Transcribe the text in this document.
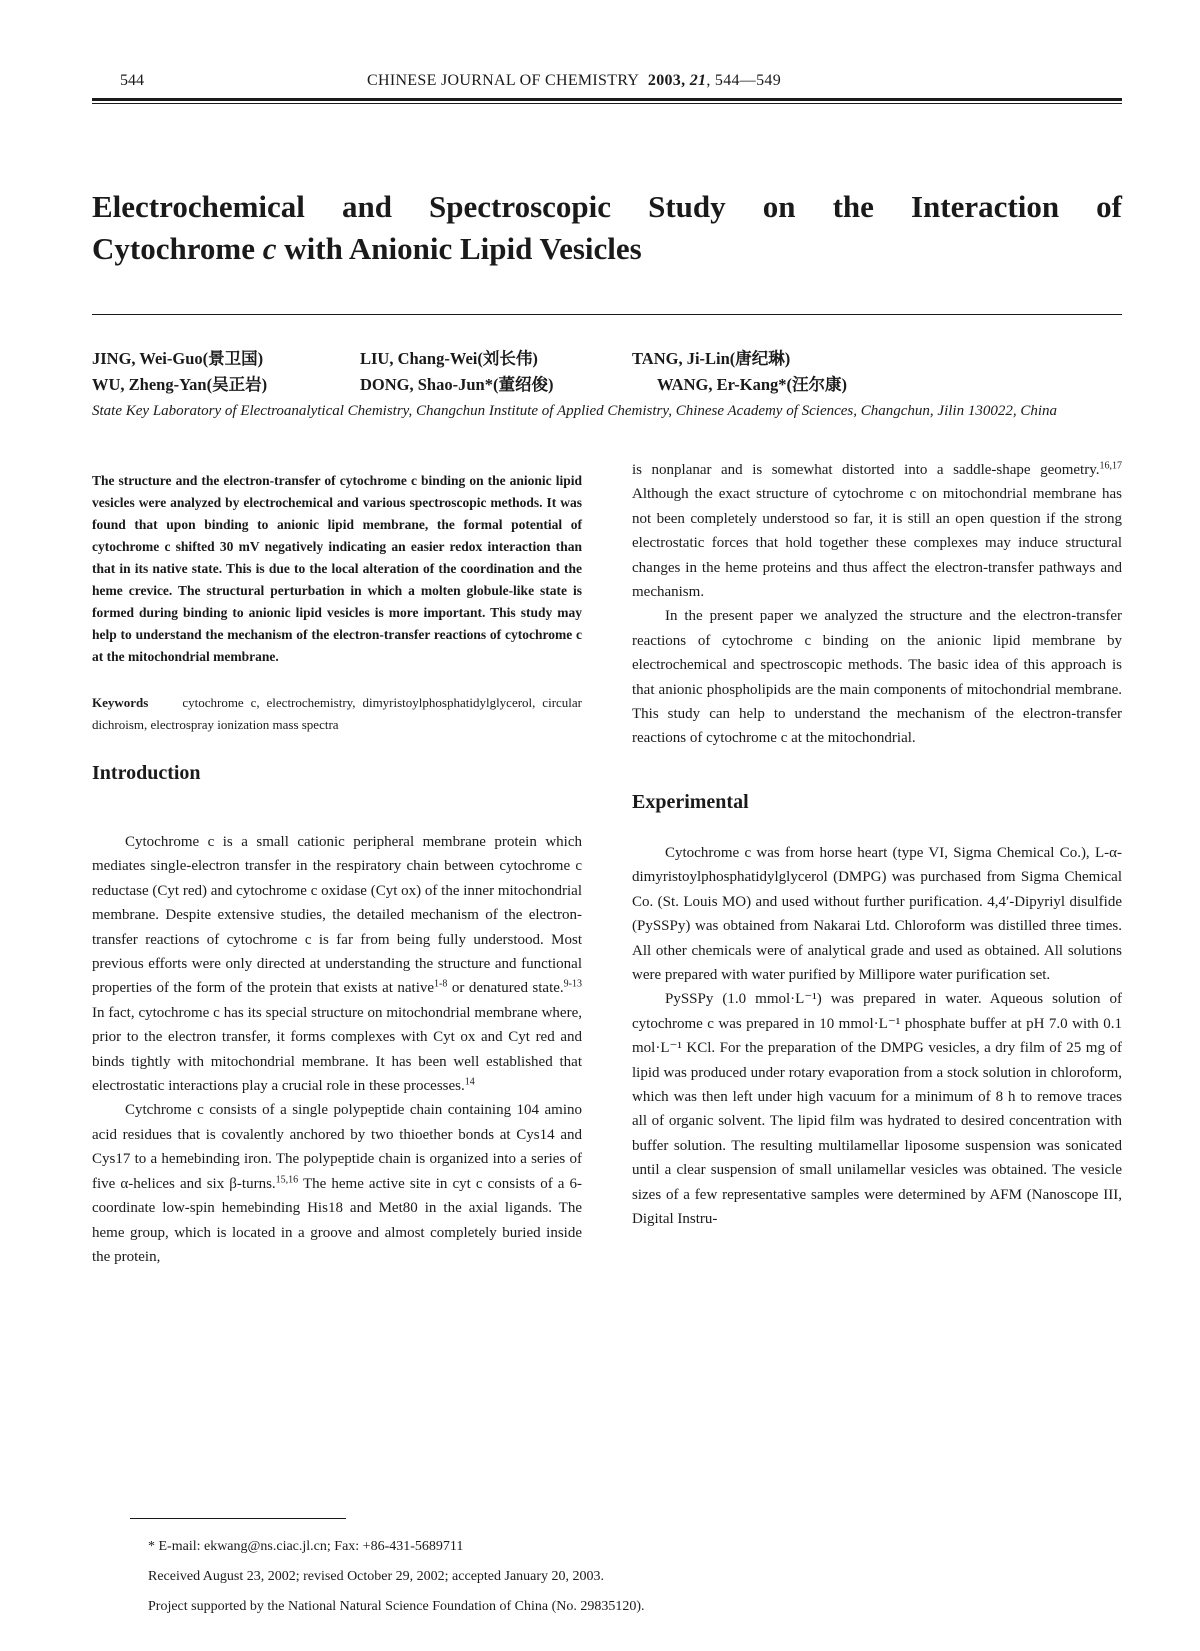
544	CHINESE JOURNAL OF CHEMISTRY 2003, 21, 544—549
Electrochemical and Spectroscopic Study on the Interaction of
Cytochrome c with Anionic Lipid Vesicles
JING, Wei-Guo(景卫国)	LIU, Chang-Wei(刘长伟)	TANG, Ji-Lin(唐纪琳)
WU, Zheng-Yan(吴正岩)	DONG, Shao-Jun*(董绍俊)	WANG, Er-Kang*(汪尔康)
State Key Laboratory of Electroanalytical Chemistry, Changchun Institute of Applied Chemistry, Chinese Academy of Sciences, Changchun, Jilin 130022, China

The structure and the electron-transfer of cytochrome c binding on the anionic lipid vesicles were analyzed by electrochemical and various spectroscopic methods. It was found that upon binding to anionic lipid membrane, the formal potential of cytochrome c shifted 30 mV negatively indicating an easier redox interaction than that in its native state. This is due to the local alteration of the coordination and the heme crevice. The structural perturbation in which a molten globule-like state is formed during binding to anionic lipid vesicles is more important. This study may help to understand the mechanism of the electron-transfer reactions of cytochrome c at the mitochondrial membrane.

Keywords	cytochrome c, electrochemistry, dimyristoylphosphatidylglycerol, circular dichroism, electrospray ionization mass spectra

Introduction

Cytochrome c is a small cationic peripheral membrane protein which mediates single-electron transfer in the respiratory chain between cytochrome c reductase (Cyt red) and cytochrome c oxidase (Cyt ox) of the inner mitochondrial membrane. Despite extensive studies, the detailed mechanism of the electron-transfer reactions of cytochrome c is far from being fully understood. Most previous efforts were only directed at understanding the structure and functional properties of the form of the protein that exists at native$^{1-8}$ or denatured state.$^{9-13}$ In fact, cytochrome c has its special structure on mitochondrial membrane where, prior to the electron transfer, it forms complexes with Cyt ox and Cyt red and binds tightly with mitochondrial membrane. It has been well established that electrostatic interactions play a crucial role in these processes.$^{14}$

Cytchrome c consists of a single polypeptide chain containing 104 amino acid residues that is covalently anchored by two thioether bonds at Cys14 and Cys17 to a hemebinding iron. The polypeptide chain is organized into a series of five α-helices and six β-turns.$^{15,16}$ The heme active site in cyt c consists of a 6-coordinate low-spin hemebinding His18 and Met80 in the axial ligands. The heme group, which is located in a groove and almost completely buried inside the protein,

is nonplanar and is somewhat distorted into a saddle-shape geometry.$^{16,17}$ Although the exact structure of cytochrome c on mitochondrial membrane has not been completely understood so far, it is still an open question if the strong electrostatic forces that hold together these complexes may induce structural changes in the heme proteins and thus affect the electron-transfer pathways and mechanism.

In the present paper we analyzed the structure and the electron-transfer reactions of cytochrome c binding on the anionic lipid membrane by electrochemical and spectroscopic methods. The basic idea of this approach is that anionic phospholipids are the main components of mitochondrial membrane. This study can help to understand the mechanism of the electron-transfer reactions of cytochrome c at the mitochondrial.

Experimental

Cytochrome c was from horse heart (type VI, Sigma Chemical Co.), L-α-dimyristoylphosphatidylglycerol (DMPG) was purchased from Sigma Chemical Co. (St. Louis MO) and used without further purification. 4,4′-Dipyriyl disulfide (PySSPy) was obtained from Nakarai Ltd. Chloroform was distilled three times. All other chemicals were of analytical grade and used as obtained. All solutions were prepared with water purified by Millipore water purification set.

PySSPy (1.0 mmol·L⁻¹) was prepared in water. Aqueous solution of cytochrome c was prepared in 10 mmol·L⁻¹ phosphate buffer at pH 7.0 with 0.1 mol·L⁻¹ KCl. For the preparation of the DMPG vesicles, a dry film of 25 mg of lipid was produced under rotary evaporation from a stock solution in chloroform, which was then left under high vacuum for a minimum of 8 h to remove traces all of organic solvent. The lipid film was hydrated to desired concentration with buffer solution. The resulting multilamellar liposome suspension was sonicated until a clear suspension of small unilamellar vesicles was obtained. The vesicle sizes of a few representative samples were determined by AFM (Nanoscope III, Digital Instru-

* E-mail: ekwang@ns.ciac.jl.cn; Fax: +86-431-5689711
Received August 23, 2002; revised October 29, 2002; accepted January 20, 2003.
Project supported by the National Natural Science Foundation of China (No. 29835120).
